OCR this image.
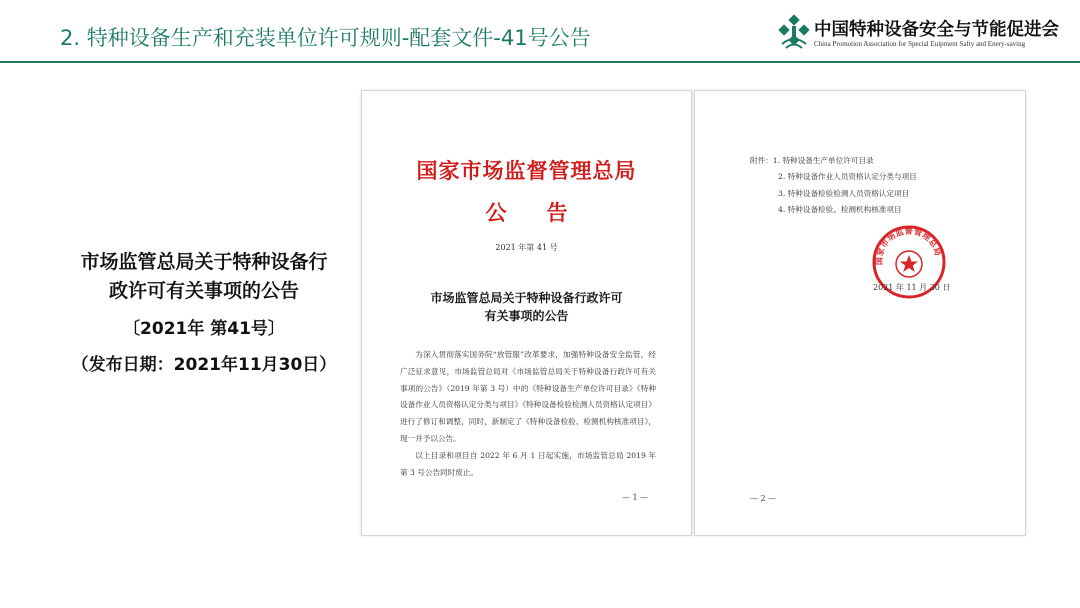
2. 特种设备生产和充装单位许可规则-配套文件-41号公告	中国特种设备安全与节能促进会
China Promotion Association for Special Euipment Safty and Enery-saving
市场监管总局关于特种设备行
政许可有关事项的公告
〔2021年 第41号〕
（发布日期：2021年11月30日）
国家市场监督管理总局
公告
2021 年第 41 号
市场监管总局关于特种设备行政许可
有关事项的公告

为深入贯彻落实国务院“放管服”改革要求，加强特种设备安全监管，经广泛征求意见，市场监管总局对《市场监管总局关于特种设备行政许可有关事项的公告》（2019 年第 3 号）中的《特种设备生产单位许可目录》《特种设备作业人员资格认定分类与项目》《特种设备检验检测人员资格认定项目》进行了修订和调整，同时，新制定了《特种设备检验、检测机构核准项目》，现一并予以公告。

以上目录和项目自 2022 年 6 月 1 日起实施，市场监管总局 2019 年第 3 号公告同时废止。

— 1 —
附件：1. 特种设备生产单位许可目录
2. 特种设备作业人员资格认定分类与项目
3. 特种设备检验检测人员资格认定项目
4. 特种设备检验、检测机构核准项目
国家市场监督管理总局
2021 年 11 月 30 日
— 2 —
